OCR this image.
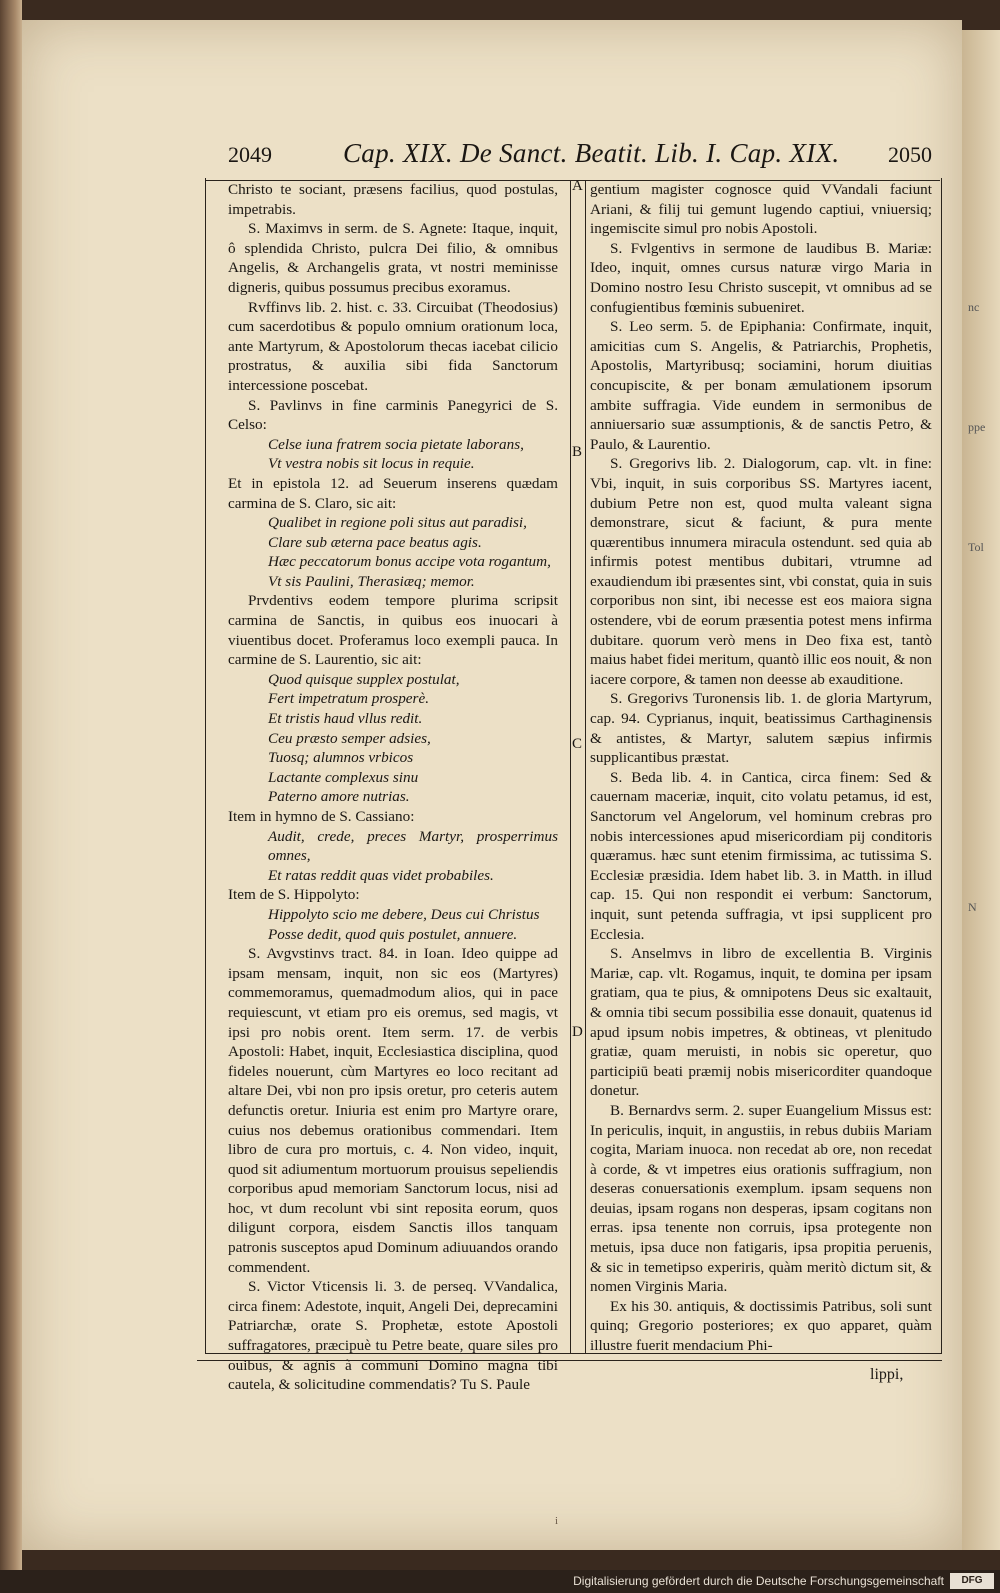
nc
ppe
Tol
N
2049	Cap. XIX. De Sanct. Beatit. Lib. I. Cap. XIX. 2050
A
B
C
D

Christo te sociant, præsens facilius, quod postulas, impetrabis.

S. Maximvs in serm. de S. Agnete: Itaque, inquit, ô splendida Christo, pulcra Dei filio, & omnibus Angelis, & Archangelis grata, vt nostri meminisse digneris, quibus possumus precibus exoramus.

Rvffinvs lib. 2. hist. c. 33. Circuibat (Theodosius) cum sacerdotibus & populo omnium orationum loca, ante Martyrum, & Apostolorum thecas iacebat cilicio prostratus, & auxilia sibi fida Sanctorum intercessione poscebat.

S. Pavlinvs in fine carminis Panegyrici de S. Celso:

Celse iuna fratrem socia pietate laborans,

Vt vestra nobis sit locus in requie.

Et in epistola 12. ad Seuerum inserens quædam carmina de S. Claro, sic ait:

Qualibet in regione poli situs aut paradisi,

Clare sub æterna pace beatus agis.

Hæc peccatorum bonus accipe vota rogantum,

Vt sis Paulini, Therasiæq; memor.

Prvdentivs eodem tempore plurima scripsit carmina de Sanctis, in quibus eos inuocari à viuentibus docet. Proferamus loco exempli pauca. In carmine de S. Laurentio, sic ait:

Quod quisque supplex postulat,

Fert impetratum prosperè.

Et tristis haud vllus redit.

Ceu præsto semper adsies,

Tuosq; alumnos vrbicos

Lactante complexus sinu

Paterno amore nutrias.

Item in hymno de S. Cassiano:

Audit, crede, preces Martyr, prosperrimus omnes,

Et ratas reddit quas videt probabiles.

Item de S. Hippolyto:

Hippolyto scio me debere, Deus cui Christus

Posse dedit, quod quis postulet, annuere.

S. Avgvstinvs tract. 84. in Ioan. Ideo quippe ad ipsam mensam, inquit, non sic eos (Martyres) commemoramus, quemadmodum alios, qui in pace requiescunt, vt etiam pro eis oremus, sed magis, vt ipsi pro nobis orent. Item serm. 17. de verbis Apostoli: Habet, inquit, Ecclesiastica disciplina, quod fideles nouerunt, cùm Martyres eo loco recitant ad altare Dei, vbi non pro ipsis oretur, pro ceteris autem defunctis oretur. Iniuria est enim pro Martyre orare, cuius nos debemus orationibus commendari. Item libro de cura pro mortuis, c. 4. Non video, inquit, quod sit adiumentum mortuorum prouisus sepeliendis corporibus apud memoriam Sanctorum locus, nisi ad hoc, vt dum recolunt vbi sint reposita eorum, quos diligunt corpora, eisdem Sanctis illos tanquam patronis susceptos apud Dominum adiuuandos orando commendent.

S. Victor Vticensis li. 3. de perseq. VVandalica, circa finem: Adestote, inquit, Angeli Dei, deprecamini Patriarchæ, orate S. Prophetæ, estote Apostoli suffragatores, præcipuè tu Petre beate, quare siles pro ouibus, & agnis à communi Domino magna tibi cautela, & solicitudine commendatis? Tu S. Paule

gentium magister cognosce quid VVandali faciunt Ariani, & filij tui gemunt lugendo captiui, vniuersiq; ingemiscite simul pro nobis Apostoli.

S. Fvlgentivs in sermone de laudibus B. Mariæ: Ideo, inquit, omnes cursus naturæ virgo Maria in Domino nostro Iesu Christo suscepit, vt omnibus ad se confugientibus fœminis subueniret.

S. Leo serm. 5. de Epiphania: Confirmate, inquit, amicitias cum S. Angelis, & Patriarchis, Prophetis, Apostolis, Martyribusq; sociamini, horum diuitias concupiscite, & per bonam æmulationem ipsorum ambite suffragia. Vide eundem in sermonibus de anniuersario suæ assumptionis, & de sanctis Petro, & Paulo, & Laurentio.

S. Gregorivs lib. 2. Dialogorum, cap. vlt. in fine: Vbi, inquit, in suis corporibus SS. Martyres iacent, dubium Petre non est, quod multa valeant signa demonstrare, sicut & faciunt, & pura mente quærentibus innumera miracula ostendunt. sed quia ab infirmis potest mentibus dubitari, vtrumne ad exaudiendum ibi præsentes sint, vbi constat, quia in suis corporibus non sint, ibi necesse est eos maiora signa ostendere, vbi de eorum præsentia potest mens infirma dubitare. quorum verò mens in Deo fixa est, tantò maius habet fidei meritum, quantò illic eos nouit, & non iacere corpore, & tamen non deesse ab exauditione.

S. Gregorivs Turonensis lib. 1. de gloria Martyrum, cap. 94. Cyprianus, inquit, beatissimus Carthaginensis & antistes, & Martyr, salutem sæpius infirmis supplicantibus præstat.

S. Beda lib. 4. in Cantica, circa finem: Sed & cauernam maceriæ, inquit, cito volatu petamus, id est, Sanctorum vel Angelorum, vel hominum crebras pro nobis intercessiones apud misericordiam pij conditoris quæramus. hæc sunt etenim firmissima, ac tutissima S. Ecclesiæ præsidia. Idem habet lib. 3. in Matth. in illud cap. 15. Qui non respondit ei verbum: Sanctorum, inquit, sunt petenda suffragia, vt ipsi supplicent pro Ecclesia.

S. Anselmvs in libro de excellentia B. Virginis Mariæ, cap. vlt. Rogamus, inquit, te domina per ipsam gratiam, qua te pius, & omnipotens Deus sic exaltauit, & omnia tibi secum possibilia esse donauit, quatenus id apud ipsum nobis impetres, & obtineas, vt plenitudo gratiæ, quam meruisti, in nobis sic operetur, quo participiū beati præmij nobis misericorditer quandoque donetur.

B. Bernardvs serm. 2. super Euangelium Missus est: In periculis, inquit, in angustiis, in rebus dubiis Mariam cogita, Mariam inuoca. non recedat ab ore, non recedat à corde, & vt impetres eius orationis suffragium, non deseras conuersationis exemplum. ipsam sequens non deuias, ipsam rogans non desperas, ipsam cogitans non erras. ipsa tenente non corruis, ipsa protegente non metuis, ipsa duce non fatigaris, ipsa propitia peruenis, & sic in temetipso experiris, quàm meritò dictum sit, & nomen Virginis Maria.

Ex his 30. antiquis, & doctissimis Patribus, soli sunt quinq; Gregorio posteriores; ex quo apparet, quàm illustre fuerit mendacium Phi-

lippi,
i
Digitalisierung gefördert durch die Deutsche Forschungsgemeinschaft	DFG
